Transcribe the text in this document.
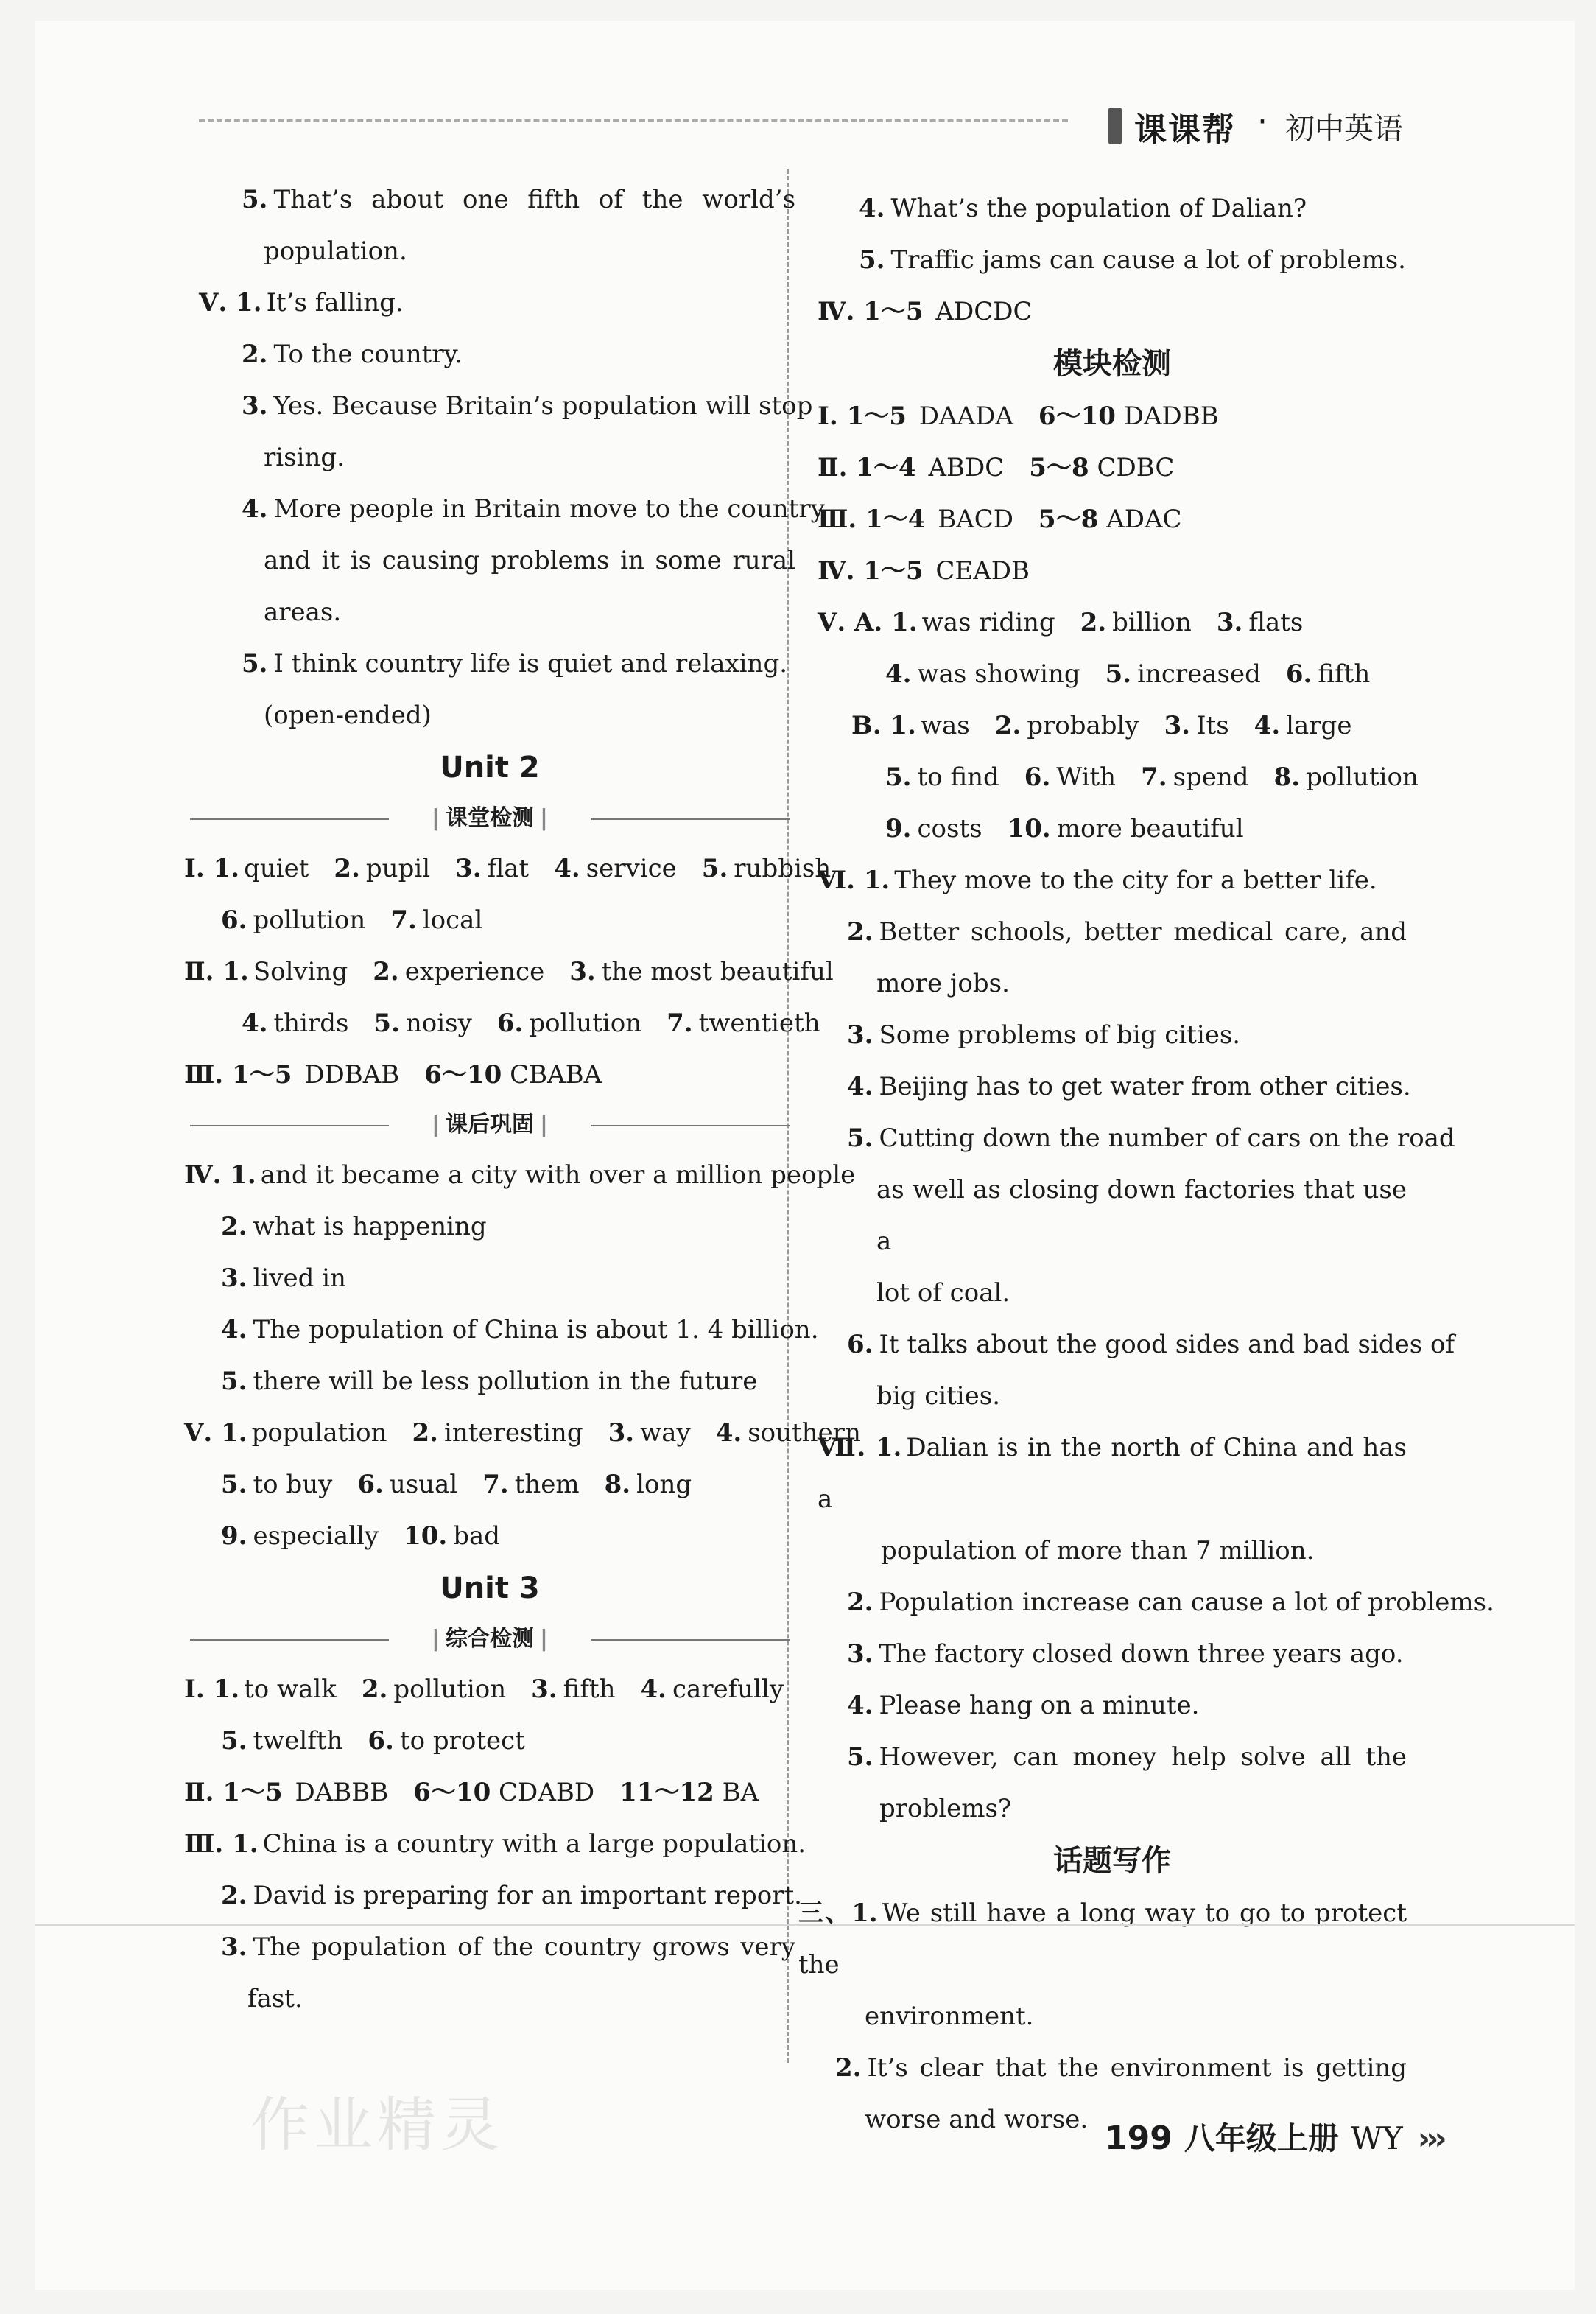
课课帮 · 初中英语
5. That’s about one fifth of the world’s
population.
Ⅴ. 1. It’s falling.
2. To the country.
3. Yes. Because Britain’s population will stop
rising.
4. More people in Britain move to the country
and it is causing problems in some rural
areas.
5. I think country life is quiet and relaxing.
(open-ended)
Unit 2
| 课堂检测 |
Ⅰ. 1. quiet 2. pupil 3. flat 4. service 5. rubbish
6. pollution 7. local
Ⅱ. 1. Solving 2. experience 3. the most beautiful
4. thirds 5. noisy 6. pollution 7. twentieth
Ⅲ. 1～5 DDBAB 6～10 CBABA
| 课后巩固 |
Ⅳ. 1. and it became a city with over a million people
2. what is happening
3. lived in
4. The population of China is about 1. 4 billion.
5. there will be less pollution in the future
Ⅴ. 1. population 2. interesting 3. way 4. southern
5. to buy 6. usual 7. them 8. long
9. especially 10. bad
Unit 3
| 综合检测 |
Ⅰ. 1. to walk 2. pollution 3. fifth 4. carefully
5. twelfth 6. to protect
Ⅱ. 1～5 DABBB 6～10 CDABD 11～12 BA
Ⅲ. 1. China is a country with a large population.
2. David is preparing for an important report.
3. The population of the country grows very
fast.
4. What’s the population of Dalian?
5. Traffic jams can cause a lot of problems.
Ⅳ. 1～5 ADCDC
模块检测
Ⅰ. 1～5 DAADA 6～10 DADBB
Ⅱ. 1～4 ABDC 5～8 CDBC
Ⅲ. 1～4 BACD 5～8 ADAC
Ⅳ. 1～5 CEADB
Ⅴ. A. 1. was riding 2. billion 3. flats
4. was showing 5. increased 6. fifth
B. 1. was 2. probably 3. Its 4. large
5. to find 6. With 7. spend 8. pollution
9. costs 10. more beautiful
Ⅵ. 1. They move to the city for a better life.
2. Better schools, better medical care, and
more jobs.
3. Some problems of big cities.
4. Beijing has to get water from other cities.
5. Cutting down the number of cars on the road
as well as closing down factories that use a
lot of coal.
6. It talks about the good sides and bad sides of
big cities.
Ⅶ. 1. Dalian is in the north of China and has a
population of more than 7 million.
2. Population increase can cause a lot of problems.
3. The factory closed down three years ago.
4. Please hang on a minute.
5. However, can money help solve all the
problems?
话题写作
三、1. We still have a long way to go to protect the
environment.
2. It’s clear that the environment is getting
worse and worse.
作业精灵	199 八年级上册 WY ›››
